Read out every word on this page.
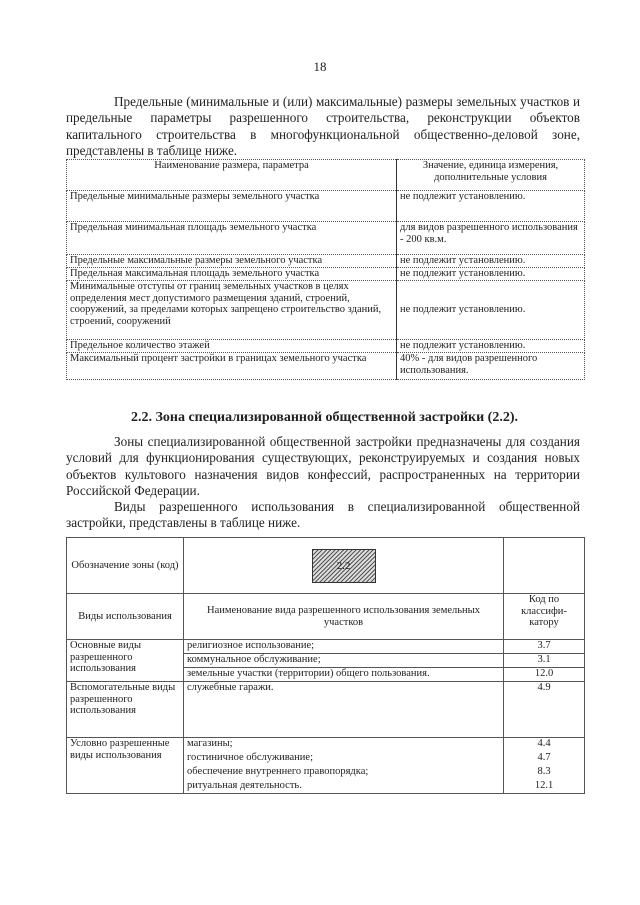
18

Предельные (минимальные и (или) максимальные) размеры земельных участков и предельные параметры разрешенного строительства, реконструкции объектов капитального строительства в многофункциональной общественно-деловой зоне, представлены в таблице ниже.

Наименование размера, параметра	Значение, единица измерения, дополнительные условия
Предельные минимальные размеры земельного участка	не подлежит установлению.
Предельная минимальная площадь земельного участка	для видов разрешенного использования - 200 кв.м.
Предельные максимальные размеры земельного участка	не подлежит установлению.
Предельная максимальная площадь земельного участка	не подлежит установлению.
Минимальные отступы от границ земельных участков в целях определения мест допустимого размещения зданий, строений, сооружений, за пределами которых запрещено строительство зданий, строений, сооружений	не подлежит установлению.
Предельное количество этажей	не подлежит установлению.
Максимальный процент застройки в границах земельного участка	40% - для видов разрешенного использования.
2.2. Зона специализированной общественной застройки (2.2).

Зоны специализированной общественной застройки предназначены для создания условий для функционирования существующих, реконструируемых и создания новых объектов культового назначения видов конфессий, распространенных на территории Российской Федерации.

Виды разрешенного использования в специализированной общественной застройки, представлены в таблице ниже.

Обозначение зоны (код)	2.2	
Виды использования	Наименование вида разрешенного использования земельных участков	Код по классифи-катору
Основные виды разрешенного использования	религиозное использование;	3.7
	коммунальное обслуживание;	3.1
	земельные участки (территории) общего пользования.	12.0
Вспомогательные виды разрешенного использования	служебные гаражи.	4.9
Условно разрешенные виды использования	магазины;	4.4
	гостиничное обслуживание;	4.7
	обеспечение внутреннего правопорядка;	8.3
	ритуальная деятельность.	12.1
